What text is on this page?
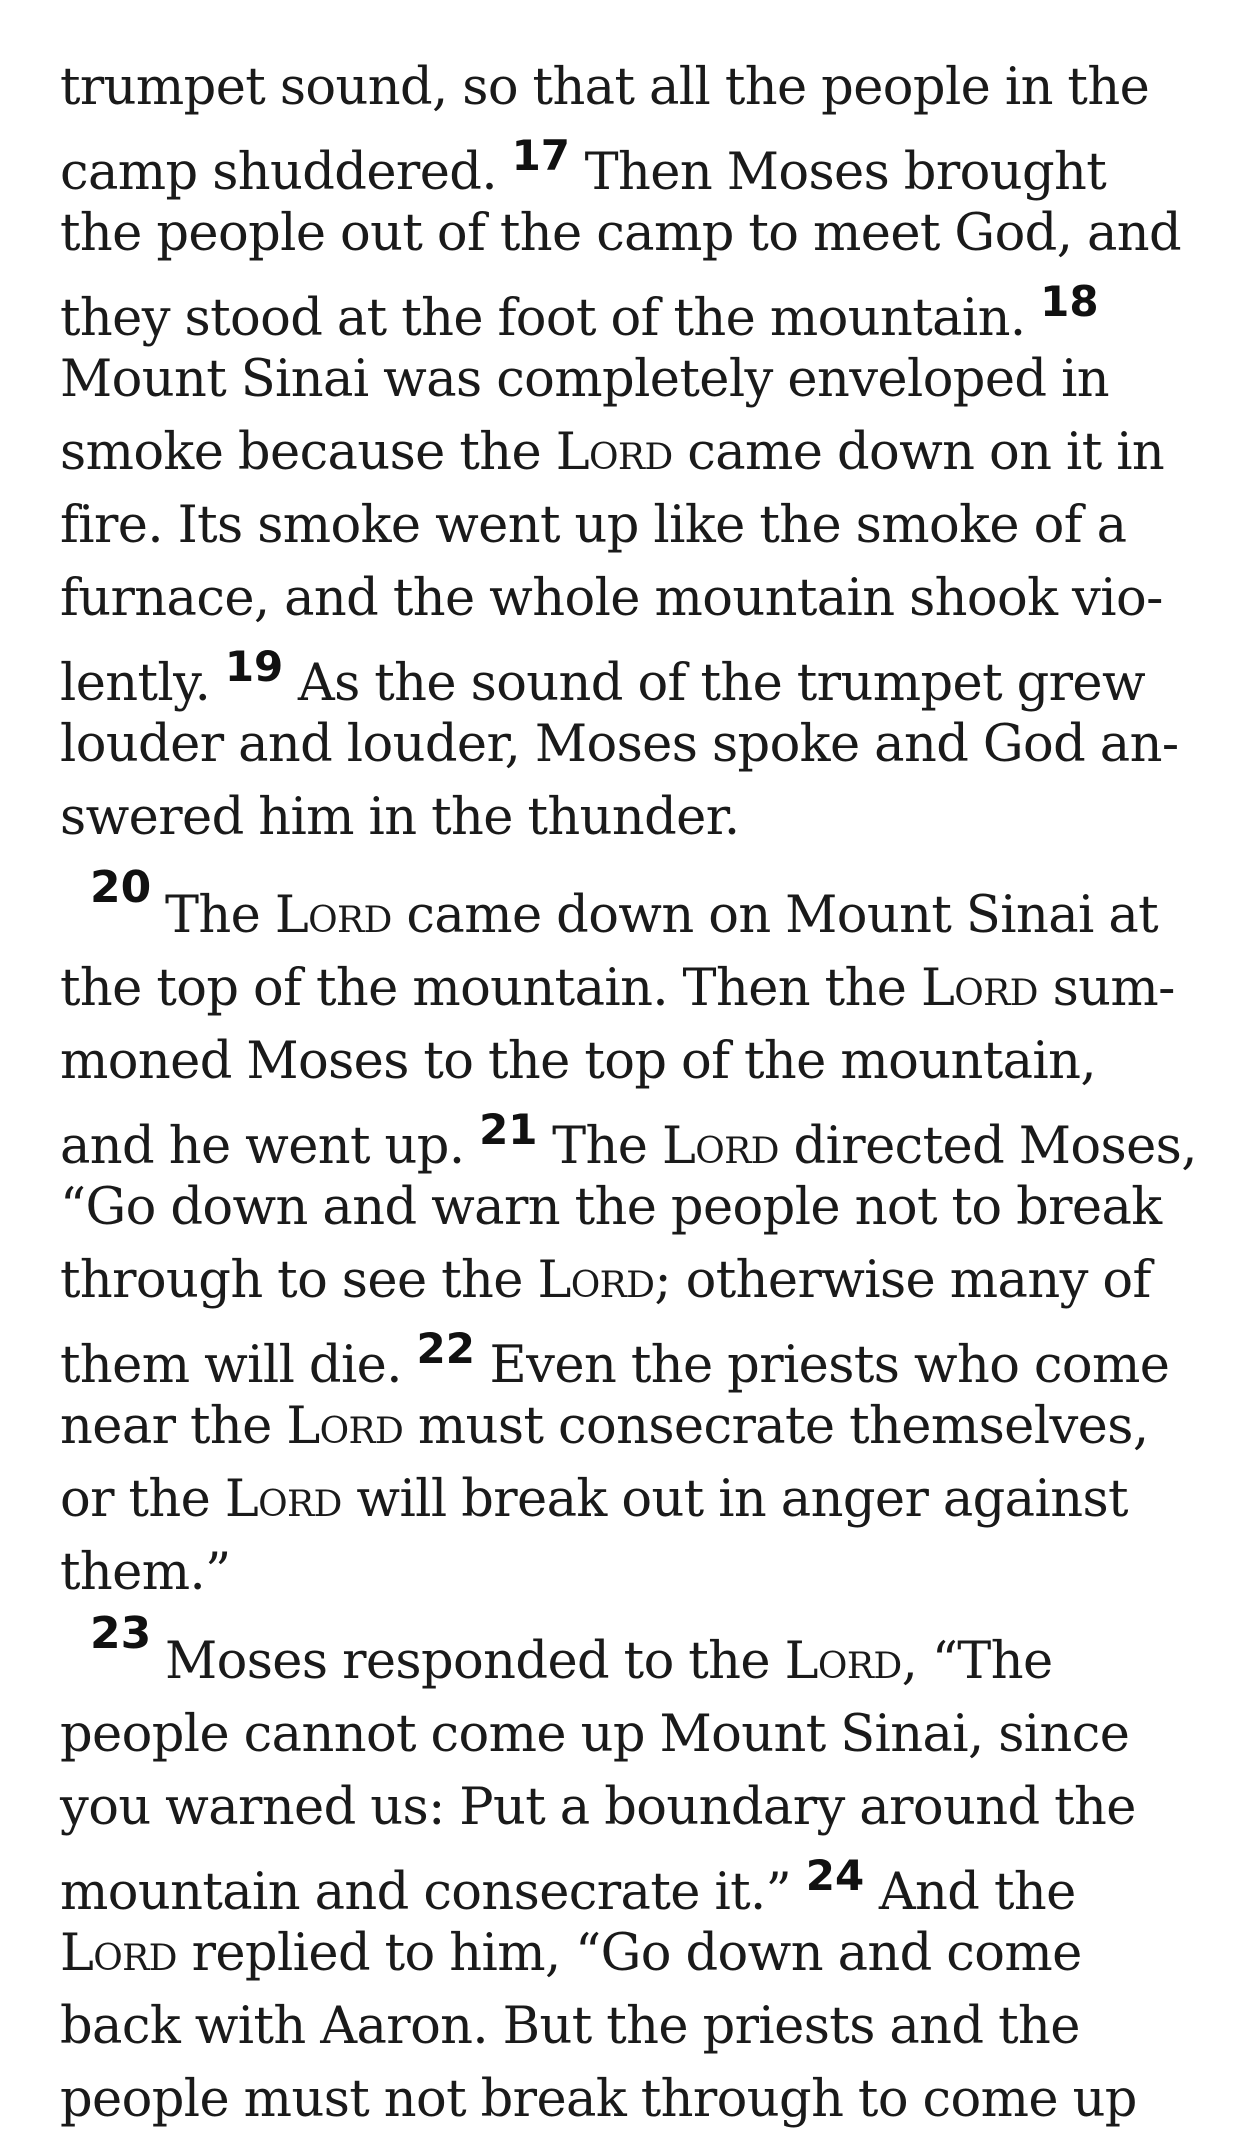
trumpet sound, so that all the people in the

camp shuddered. $^{17}$ Then Moses brought

the people out of the camp to meet God, and

they stood at the foot of the mountain. $^{18}$

Mount Sinai was completely enveloped in

smoke because the Lord came down on it in

fire. Its smoke went up like the smoke of a

furnace, and the whole mountain shook vio-

lently. $^{19}$ As the sound of the trumpet grew

louder and louder, Moses spoke and God an-

swered him in the thunder.

20 The Lord came down on Mount Sinai at

the top of the mountain. Then the Lord sum-

moned Moses to the top of the mountain,

and he went up. $^{21}$ The Lord directed Moses,

“Go down and warn the people not to break

through to see the Lord; otherwise many of

them will die. $^{22}$ Even the priests who come

near the Lord must consecrate themselves,

or the Lord will break out in anger against

them.”

23 Moses responded to the Lord, “The

people cannot come up Mount Sinai, since

you warned us: Put a boundary around the

mountain and consecrate it.” $^{24}$ And the

Lord replied to him, “Go down and come

back with Aaron. But the priests and the

people must not break through to come up
